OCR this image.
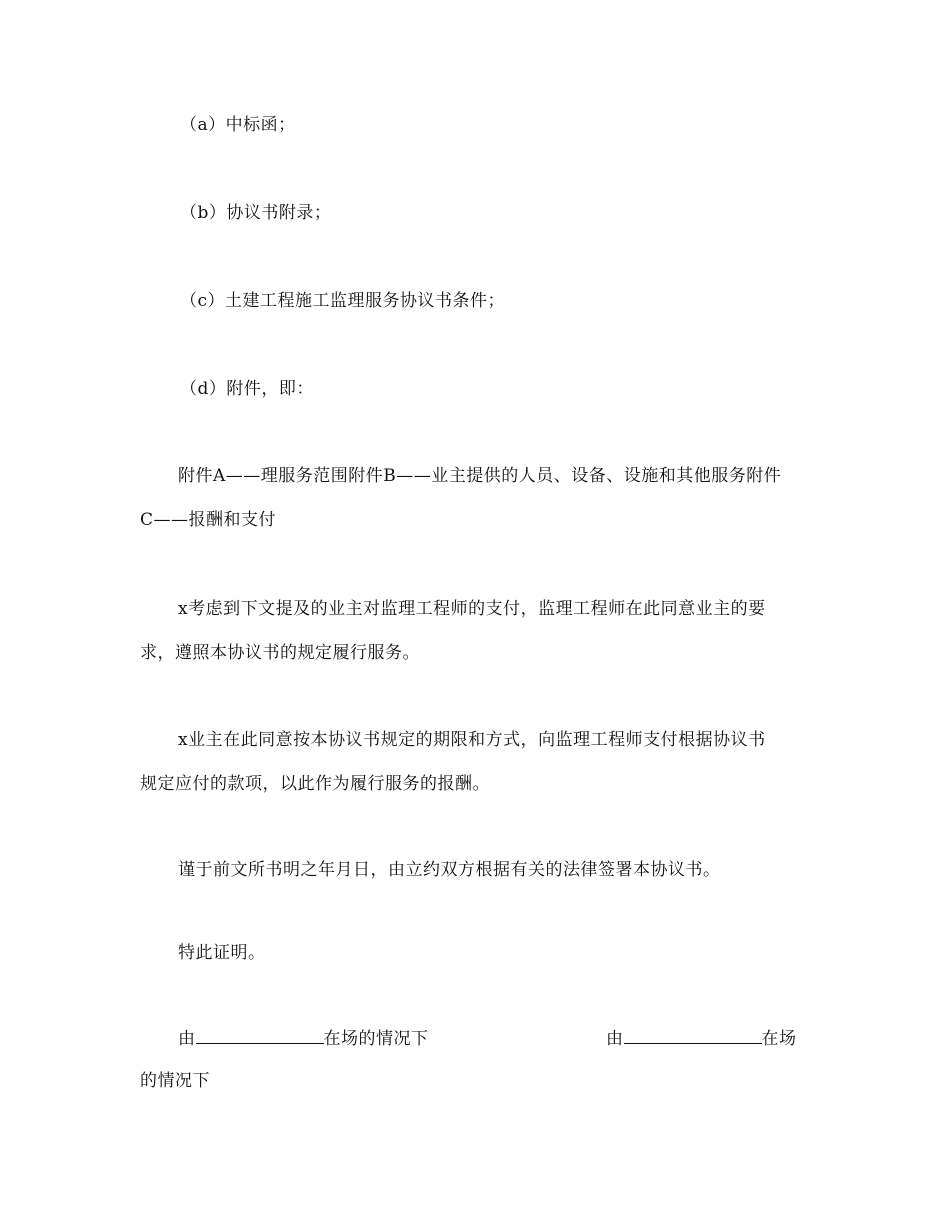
（a）中标函；
（b）协议书附录；
（c）土建工程施工监理服务协议书条件；
（d）附件，即：
附件A——理服务范围附件B——业主提供的人员、设备、设施和其他服务附件
C——报酬和支付
x考虑到下文提及的业主对监理工程师的支付，监理工程师在此同意业主的要
求，遵照本协议书的规定履行服务。
x业主在此同意按本协议书规定的期限和方式，向监理工程师支付根据协议书
规定应付的款项，以此作为履行服务的报酬。
谨于前文所书明之年月日，由立约双方根据有关的法律签署本协议书。
特此证明。
由	在场的情况下	由	在场
的情况下
